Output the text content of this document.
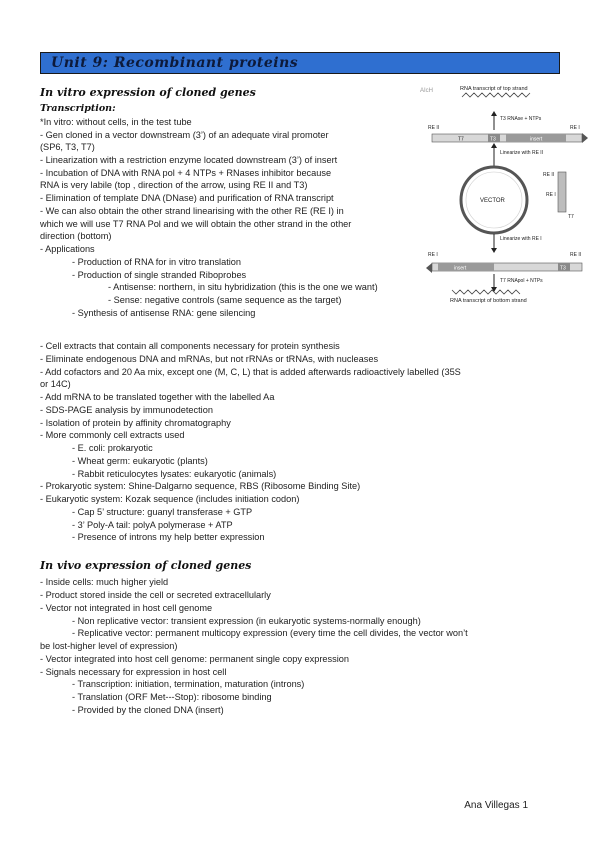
Unit 9: Recombinant proteins
In vitro expression of cloned genes
Transcription:
*In vitro: without cells, in the test tube
- Gen cloned in a vector downstream (3’) of an adequate viral promoter
(SP6, T3, T7)
- Linearization with a restriction enzyme located downstream (3’) of insert
- Incubation of DNA with RNA pol + 4 NTPs + RNases inhibitor because
RNA is very labile (top , direction of the arrow, using RE II and T3)
- Elimination of template DNA (DNase) and purification of RNA transcript
- We can also obtain the other strand linearising with the other RE (RE I) in
which we will use T7 RNA Pol and we will obtain the other strand in the other
direction (bottom)
- Applications
- Production of RNA for in vitro translation
- Production of single stranded Riboprobes
- Antisense: northern, in situ hybridization (this is the one we want)
- Sense: negative controls (same sequence as the target)
- Synthesis of antisense RNA: gene silencing
- Cell extracts that contain all components necessary for protein synthesis
- Eliminate endogenous DNA and mRNAs, but not rRNAs or tRNAs, with nucleases
- Add cofactors and 20 Aa mix, except one (M, C, L) that is added afterwards radioactively labelled (35S
or 14C)
- Add mRNA to be translated together with the labelled Aa
- SDS-PAGE analysis by immunodetection
- Isolation of protein by affinity chromatography
- More commonly cell extracts used
- E. coli: prokaryotic
- Wheat germ: eukaryotic (plants)
- Rabbit reticulocytes lysates: eukaryotic (animals)
- Prokaryotic system: Shine-Dalgarno sequence, RBS (Ribosome Binding Site)
- Eukaryotic system: Kozak sequence (includes initiation codon)
- Cap 5’ structure: guanyl transferase + GTP
- 3’ Poly-A tail: polyA polymerase + ATP
- Presence of introns my help better expression
In vivo expression of cloned genes
- Inside cells: much higher yield
- Product stored inside the cell or secreted extracellularly
- Vector not integrated in host cell genome
- Non replicative vector: transient expression (in eukaryotic systems-normally enough)
- Replicative vector: permanent multicopy expression (every time the cell divides, the vector won’t
be lost-higher level of expression)
- Vector integrated into host cell genome: permanent single copy expression
- Signals necessary for expression in host cell
- Transcription: initiation, termination, maturation (introns)
- Translation (ORF Met---Stop): ribosome binding
- Provided by the cloned DNA (insert)
AIcH	RNA transcript of top strand
T3 RNAse + NTPs
RE II	RE I
T7	T3	insert
Linearize with RE II
VECTOR
RE II
RE I
T7
Linearize with RE I
RE I	RE II
insert	T3
T7 RNApol + NTPs
RNA transcript of bottom strand
Ana Villegas 1
